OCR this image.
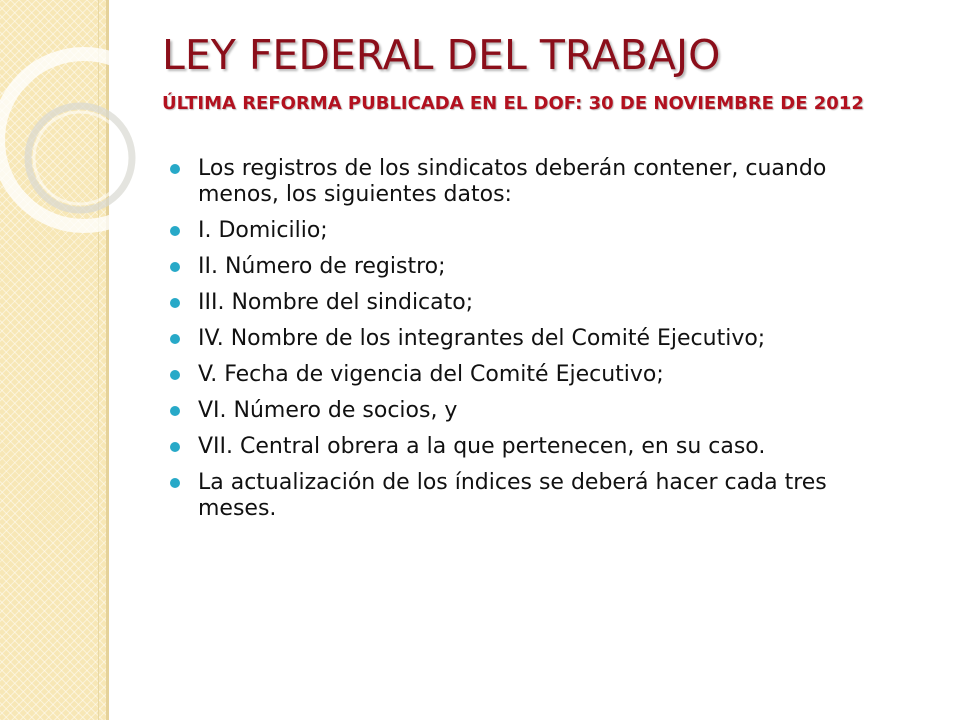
LEY FEDERAL DEL TRABAJO
ÚLTIMA REFORMA PUBLICADA EN EL DOF: 30 DE NOVIEMBRE DE 2012
Los registros de los sindicatos deberán contener, cuando menos, los siguientes datos:
I. Domicilio;
II. Número de registro;
III. Nombre del sindicato;
IV. Nombre de los integrantes del Comité Ejecutivo;
V. Fecha de vigencia del Comité Ejecutivo;
VI. Número de socios, y
VII. Central obrera a la que pertenecen, en su caso.
La actualización de los índices se deberá hacer cada tres meses.
